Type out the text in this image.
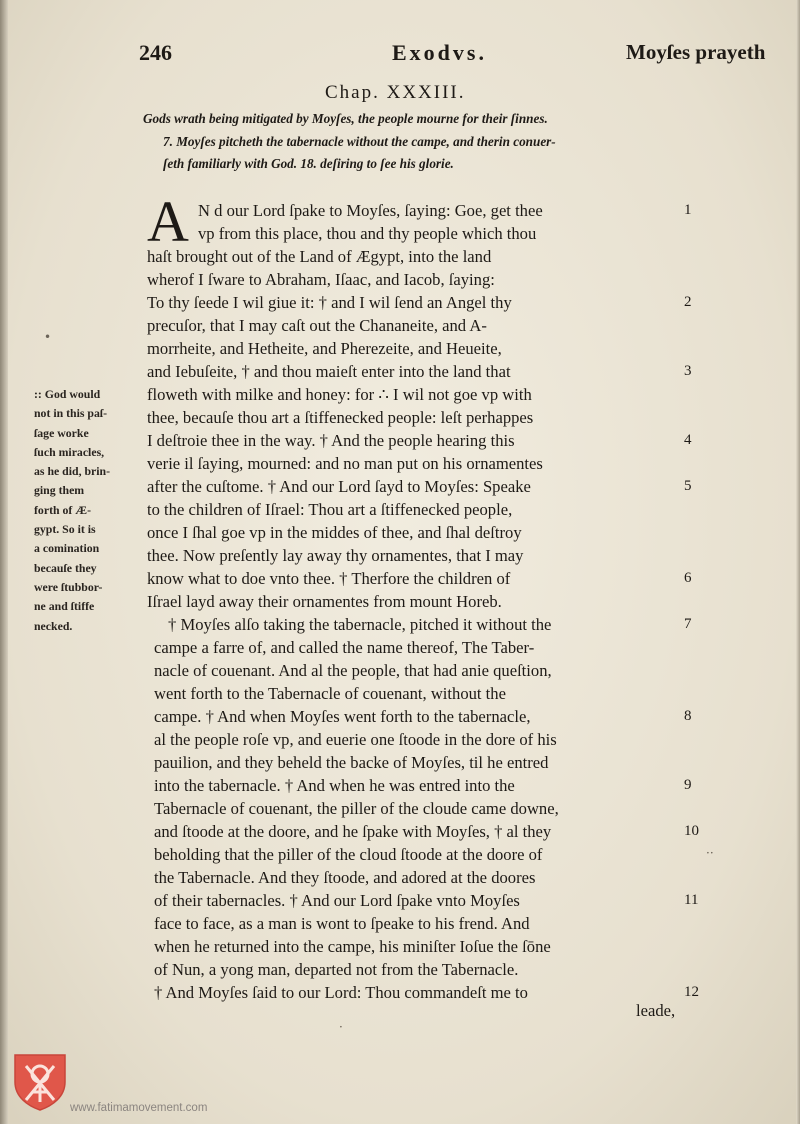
246	Exodvs.	Moyſes prayeth
Chap. XXXIII.
Gods wrath being mitigated by Moyſes, the people mourne for their ſinnes.
7. Moyſes pitcheth the tabernacle without the campe, and therin conuer-
ſeth familiarly with God. 18. deſiring to ſee his glorie.
A N d our Lord ſpake to Moyſes, ſaying: Goe, get thee
vp from this place, thou and thy people which thou
haſt brought out of the Land of Ægypt, into the land
wherof I ſware to Abraham, Iſaac, and Iacob, ſaying:
To thy ſeede I wil giue it: † and I wil ſend an Angel thy
precuſor, that I may caſt out the Chananeite, and A-
morrheite, and Hetheite, and Pherezeite, and Heueite,
and Iebuſeite, † and thou maieſt enter into the land that
floweth with milke and honey: for ∴ I wil not goe vp with
thee, becauſe thou art a ſtiffenecked people: leſt perhappes
I deſtroie thee in the way. † And the people hearing this
verie il ſaying, mourned: and no man put on his ornamentes
after the cuſtome. † And our Lord ſayd to Moyſes: Speake
to the children of Iſrael: Thou art a ſtiffenecked people,
once I ſhal goe vp in the middes of thee, and ſhal deſtroy
thee. Now preſently lay away thy ornamentes, that I may
know what to doe vnto thee. † Therfore the children of
Iſrael layd away their ornamentes from mount Horeb.
† Moyſes alſo taking the tabernacle, pitched it without the
campe a farre of, and called the name thereof, The Taber-
nacle of couenant. And al the people, that had anie queſtion,
went forth to the Tabernacle of couenant, without the
campe. † And when Moyſes went forth to the tabernacle,
al the people roſe vp, and euerie one ſtoode in the dore of his
pauilion, and they beheld the backe of Moyſes, til he entred
into the tabernacle. † And when he was entred into the
Tabernacle of couenant, the piller of the cloude came downe,
and ſtoode at the doore, and he ſpake with Moyſes, † al they
beholding that the piller of the cloud ſtoode at the doore of
the Tabernacle. And they ſtoode, and adored at the doores
of their tabernacles. † And our Lord ſpake vnto Moyſes
face to face, as a man is wont to ſpeake to his frend. And
when he returned into the campe, his miniſter Ioſue the ſōne
of Nun, a yong man, departed not from the Tabernacle.
† And Moyſes ſaid to our Lord: Thou commandeſt me to
leade,
1
2
3
4
5
6
7
8
9
10
11
12
:: God would
not in this paſ-
ſage worke
ſuch miracles,
as he did, brin-
ging them
forth of Æ-
gypt. So it is
a comination
becauſe they
were ſtubbor-
ne and ſtiffe
necked.
•
··
·
www.fatimamovement.com
